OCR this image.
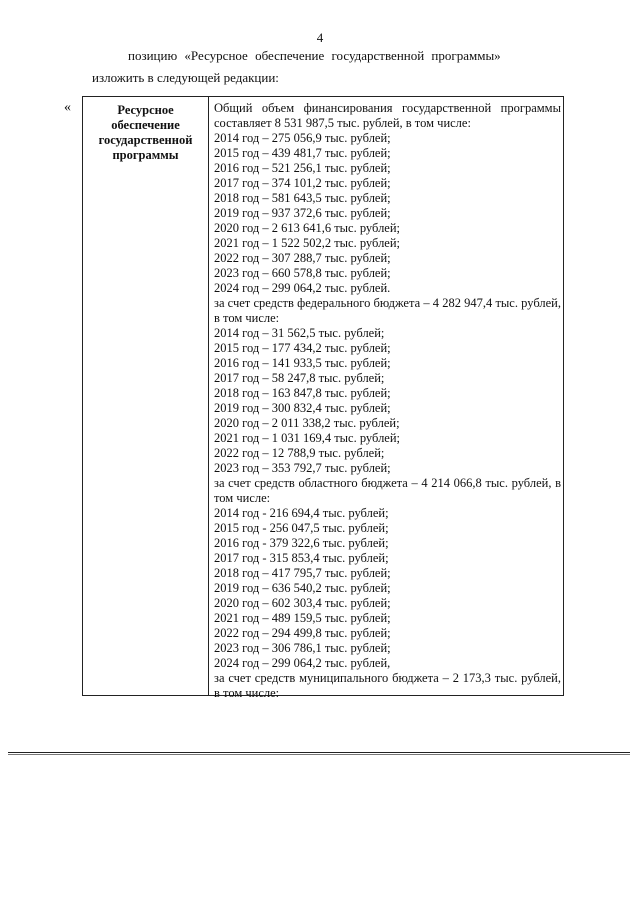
4
позицию «Ресурсное обеспечение государственной программы»
изложить в следующей редакции:
«	Ресурсное
обеспечение
государственной
программы
Общий объем финансирования государственной программы составляет 8 531 987,5 тыс. рублей, в том числе:
2014 год – 275 056,9 тыс. рублей;
2015 год – 439 481,7 тыс. рублей;
2016 год – 521 256,1 тыс. рублей;
2017 год – 374 101,2 тыс. рублей;
2018 год – 581 643,5 тыс. рублей;
2019 год – 937 372,6 тыс. рублей;
2020 год – 2 613 641,6 тыс. рублей;
2021 год – 1 522 502,2 тыс. рублей;
2022 год – 307 288,7 тыс. рублей;
2023 год – 660 578,8 тыс. рублей;
2024 год – 299 064,2 тыс. рублей.
за счет средств федерального бюджета – 4 282 947,4 тыс. рублей, в том числе:
2014 год – 31 562,5 тыс. рублей;
2015 год – 177 434,2 тыс. рублей;
2016 год – 141 933,5 тыс. рублей;
2017 год – 58 247,8 тыс. рублей;
2018 год – 163 847,8 тыс. рублей;
2019 год – 300 832,4 тыс. рублей;
2020 год – 2 011 338,2 тыс. рублей;
2021 год – 1 031 169,4 тыс. рублей;
2022 год – 12 788,9 тыс. рублей;
2023 год – 353 792,7 тыс. рублей;
за счет средств областного бюджета – 4 214 066,8 тыс. рублей, в том числе:
2014 год - 216 694,4 тыс. рублей;
2015 год - 256 047,5 тыс. рублей;
2016 год - 379 322,6 тыс. рублей;
2017 год - 315 853,4 тыс. рублей;
2018 год – 417 795,7 тыс. рублей;
2019 год – 636 540,2 тыс. рублей;
2020 год – 602 303,4 тыс. рублей;
2021 год – 489 159,5 тыс. рублей;
2022 год – 294 499,8 тыс. рублей;
2023 год – 306 786,1 тыс. рублей;
2024 год – 299 064,2 тыс. рублей,
за счет средств муниципального бюджета – 2 173,3 тыс. рублей, в том числе:
